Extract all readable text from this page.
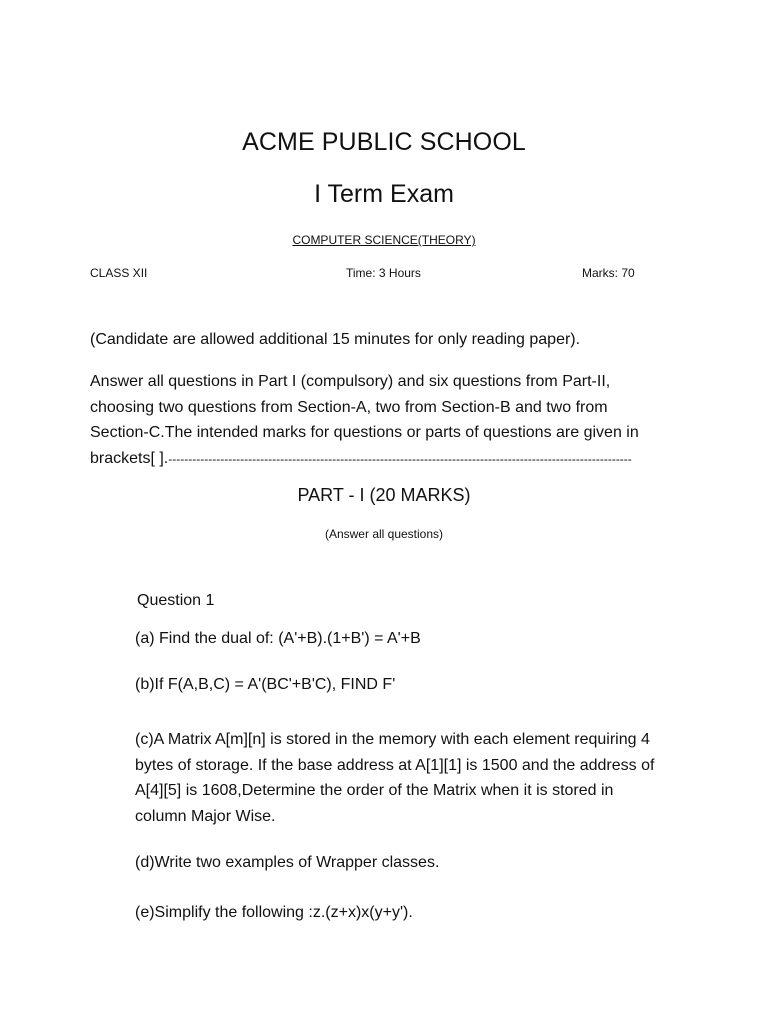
ACME PUBLIC SCHOOL
I Term Exam
COMPUTER SCIENCE(THEORY)
CLASS XII	Time: 3 Hours	Marks: 70
(Candidate are allowed additional 15 minutes for only reading paper).
Answer all questions in Part I (compulsory) and six questions from Part-II,
choosing two questions from Section-A, two from Section-B and two from
Section-C.The intended marks for questions or parts of questions are given in
brackets[ ].--------------------------------------------------------------------------------------------------------------------
PART - I (20 MARKS)
(Answer all questions)
Question 1
(a) Find the dual of: (A'+B).(1+B') = A'+B
(b)If F(A,B,C) = A'(BC'+B'C), FIND F'
(c)A Matrix A[m][n] is stored in the memory with each element requiring 4
bytes of storage. If the base address at A[1][1] is 1500 and the address of
A[4][5] is 1608,Determine the order of the Matrix when it is stored in
column Major Wise.
(d)Write two examples of Wrapper classes.
(e)Simplify the following :z.(z+x)x(y+y').
